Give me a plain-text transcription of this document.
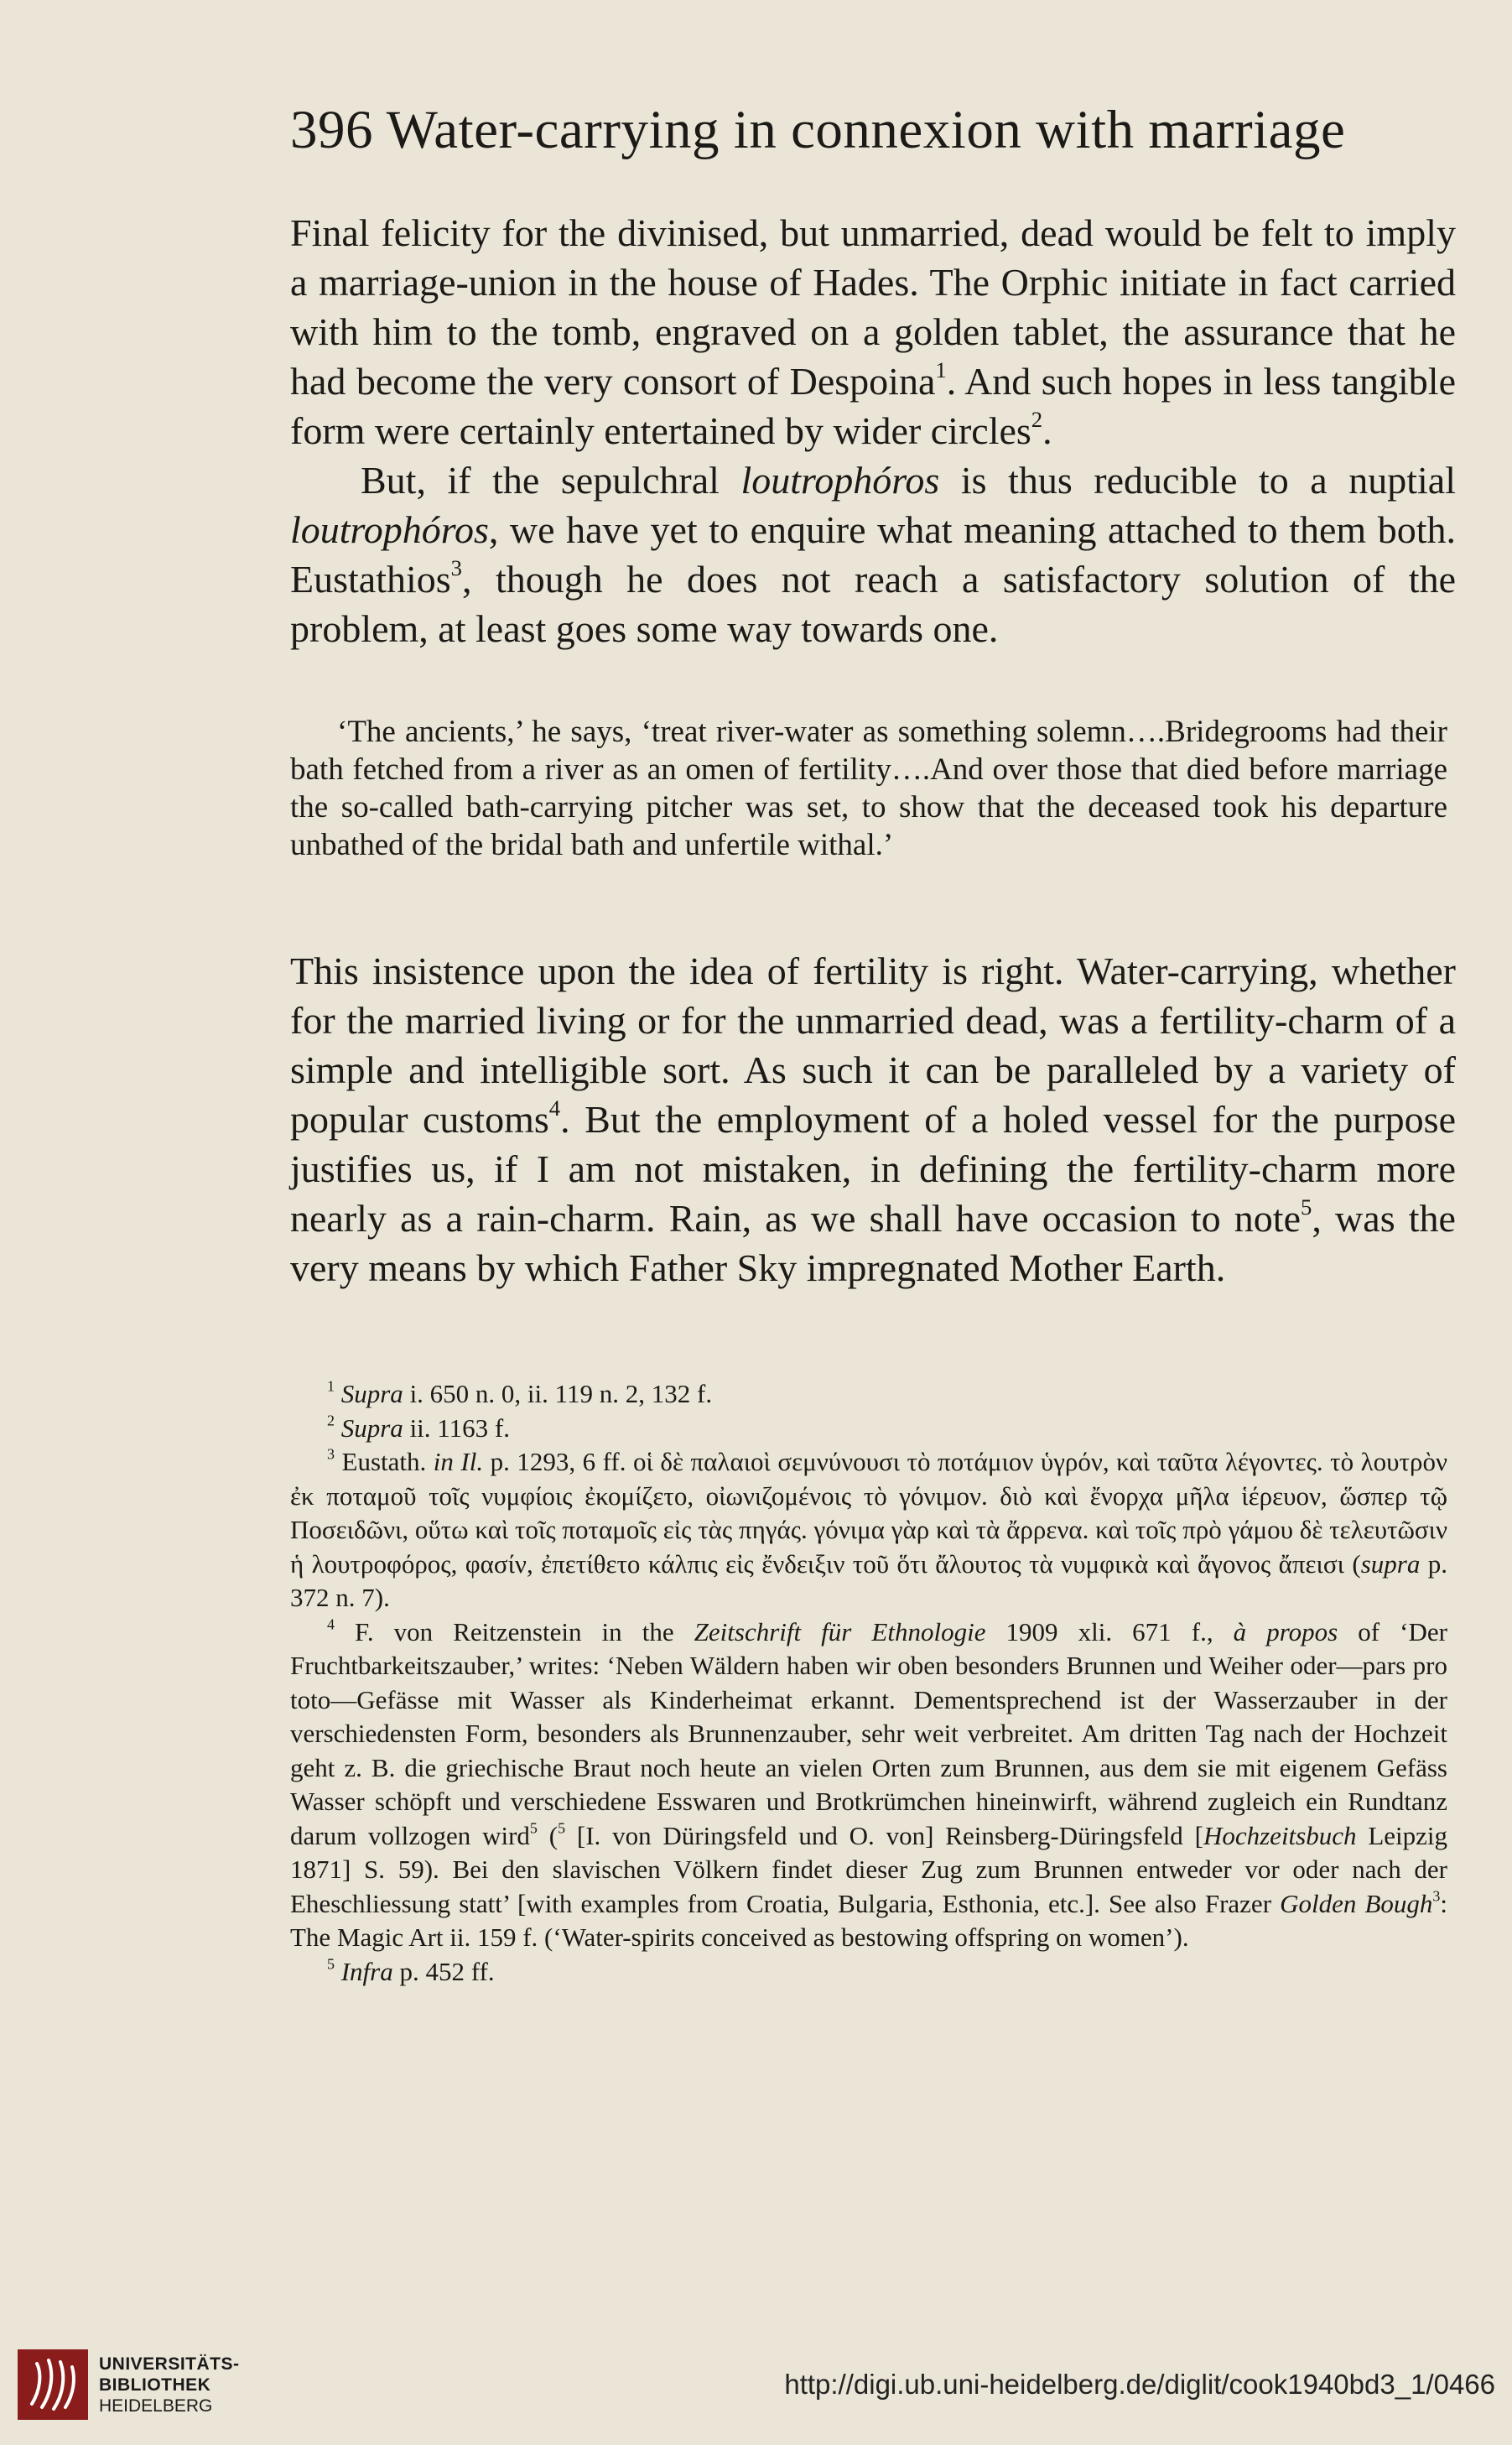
396 Water-carrying in connexion with marriage

Final felicity for the divinised, but unmarried, dead would be felt to imply a marriage-union in the house of Hades. The Orphic initiate in fact carried with him to the tomb, engraved on a golden tablet, the assurance that he had become the very consort of Despoina$^1$. And such hopes in less tangible form were certainly entertained by wider circles$^2$.

But, if the sepulchral loutrophóros is thus reducible to a nuptial loutrophóros, we have yet to enquire what meaning attached to them both. Eustathios$^3$, though he does not reach a satisfactory solution of the problem, at least goes some way towards one.

‘The ancients,’ he says, ‘treat river-water as something solemn….Bridegrooms had their bath fetched from a river as an omen of fertility….And over those that died before marriage the so-called bath-carrying pitcher was set, to show that the deceased took his departure unbathed of the bridal bath and unfertile withal.’

This insistence upon the idea of fertility is right. Water-carrying, whether for the married living or for the unmarried dead, was a fertility-charm of a simple and intelligible sort. As such it can be paralleled by a variety of popular customs$^4$. But the employment of a holed vessel for the purpose justifies us, if I am not mistaken, in defining the fertility-charm more nearly as a rain-charm. Rain, as we shall have occasion to note$^5$, was the very means by which Father Sky impregnated Mother Earth.

$^1$ Supra i. 650 n. 0, ii. 119 n. 2, 132 f.

$^2$ Supra ii. 1163 f.

$^3$ Eustath. in Il. p. 1293, 6 ff. οἱ δὲ παλαιοὶ σεμνύνουσι τὸ ποτάμιον ὑγρόν, καὶ ταῦτα λέγοντες. τὸ λουτρὸν ἐκ ποταμοῦ τοῖς νυμφίοις ἐκομίζετο, οἰωνιζομένοις τὸ γόνιμον. διὸ καὶ ἔνορχα μῆλα ἱέρευον, ὥσπερ τῷ Ποσειδῶνι, οὕτω καὶ τοῖς ποταμοῖς εἰς τὰς πηγάς. γόνιμα γὰρ καὶ τὰ ἄρρενα. καὶ τοῖς πρὸ γάμου δὲ τελευτῶσιν ἡ λουτροφόρος, φασίν, ἐπετίθετο κάλπις εἰς ἔνδειξιν τοῦ ὅτι ἄλουτος τὰ νυμφικὰ καὶ ἄγονος ἄπεισι (supra p. 372 n. 7).

$^4$ F. von Reitzenstein in the Zeitschrift für Ethnologie 1909 xli. 671 f., à propos of ‘Der Fruchtbarkeitszauber,’ writes: ‘Neben Wäldern haben wir oben besonders Brunnen und Weiher oder—pars pro toto—Gefässe mit Wasser als Kinderheimat erkannt. Dementsprechend ist der Wasserzauber in der verschiedensten Form, besonders als Brunnenzauber, sehr weit verbreitet. Am dritten Tag nach der Hochzeit geht z. B. die griechische Braut noch heute an vielen Orten zum Brunnen, aus dem sie mit eigenem Gefäss Wasser schöpft und verschiedene Esswaren und Brotkrümchen hineinwirft, während zugleich ein Rundtanz darum vollzogen wird$^5$ ($^5$ [I. von Düringsfeld und O. von] Reinsberg-Düringsfeld [Hochzeitsbuch Leipzig 1871] S. 59). Bei den slavischen Völkern findet dieser Zug zum Brunnen entweder vor oder nach der Eheschliessung statt’ [with examples from Croatia, Bulgaria, Esthonia, etc.]. See also Frazer Golden Bough$^3$: The Magic Art ii. 159 f. (‘Water-spirits conceived as bestowing offspring on women’).

$^5$ Infra p. 452 ff.

UNIVERSITÄTS-
BIBLIOTHEK
HEIDELBERG
http://digi.ub.uni-heidelberg.de/diglit/cook1940bd3_1/0466
